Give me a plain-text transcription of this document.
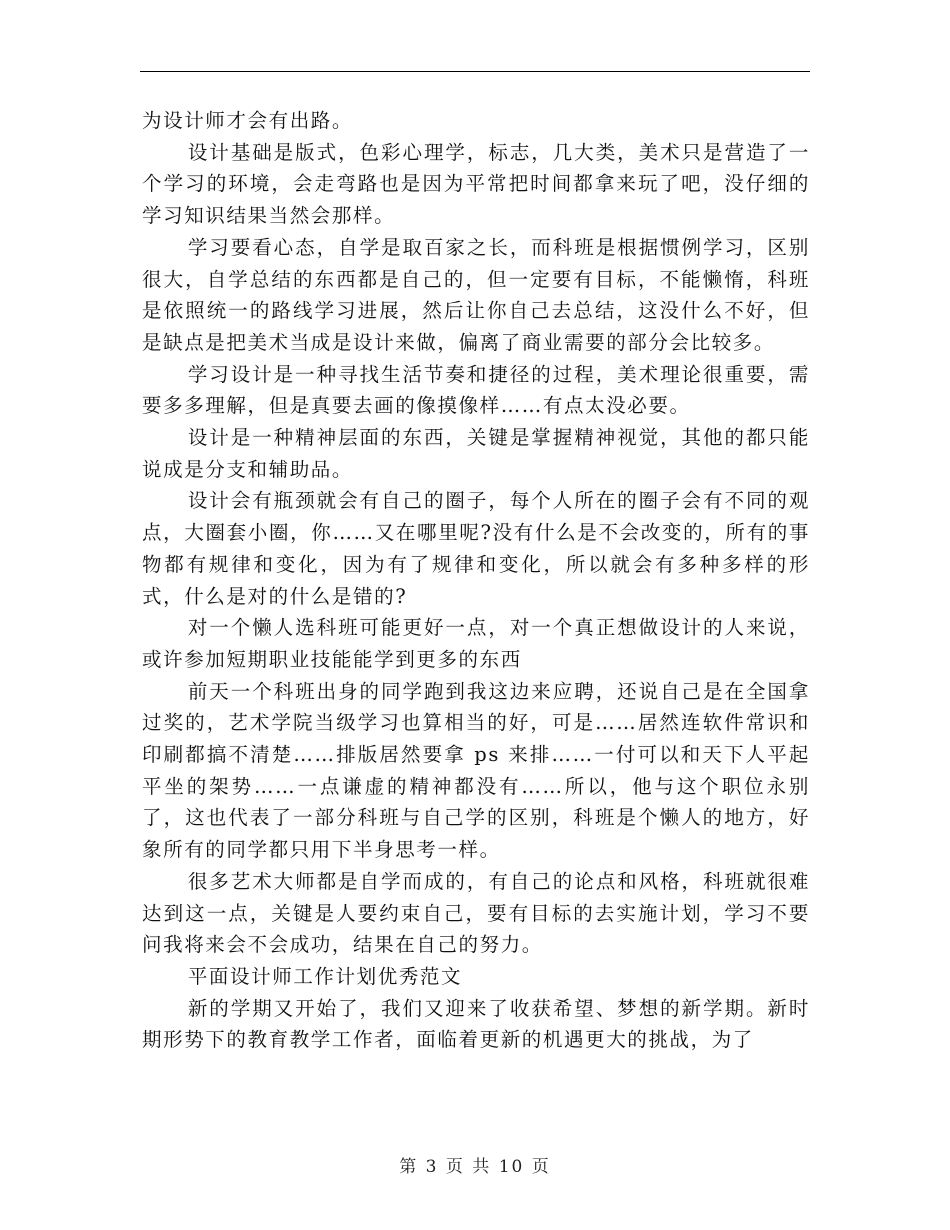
为设计师才会有出路。

设计基础是版式，色彩心理学，标志，几大类，美术只是营造了一个学习的环境，会走弯路也是因为平常把时间都拿来玩了吧，没仔细的学习知识结果当然会那样。

学习要看心态，自学是取百家之长，而科班是根据惯例学习，区别很大，自学总结的东西都是自己的，但一定要有目标，不能懒惰，科班是依照统一的路线学习进展，然后让你自己去总结，这没什么不好，但是缺点是把美术当成是设计来做，偏离了商业需要的部分会比较多。

学习设计是一种寻找生活节奏和捷径的过程，美术理论很重要，需要多多理解，但是真要去画的像摸像样……有点太没必要。

设计是一种精神层面的东西，关键是掌握精神视觉，其他的都只能说成是分支和辅助品。

设计会有瓶颈就会有自己的圈子，每个人所在的圈子会有不同的观点，大圈套小圈，你……又在哪里呢?没有什么是不会改变的，所有的事物都有规律和变化，因为有了规律和变化，所以就会有多种多样的形式，什么是对的什么是错的?

对一个懒人选科班可能更好一点，对一个真正想做设计的人来说，或许参加短期职业技能能学到更多的东西

前天一个科班出身的同学跑到我这边来应聘，还说自己是在全国拿过奖的，艺术学院当级学习也算相当的好，可是……居然连软件常识和印刷都搞不清楚……排版居然要拿 ps 来排……一付可以和天下人平起平坐的架势……一点谦虚的精神都没有……所以，他与这个职位永别了，这也代表了一部分科班与自己学的区别，科班是个懒人的地方，好象所有的同学都只用下半身思考一样。

很多艺术大师都是自学而成的，有自己的论点和风格，科班就很难达到这一点，关键是人要约束自己，要有目标的去实施计划，学习不要问我将来会不会成功，结果在自己的努力。

平面设计师工作计划优秀范文

新的学期又开始了，我们又迎来了收获希望、梦想的新学期。新时期形势下的教育教学工作者，面临着更新的机遇更大的挑战，为了

第 3 页 共 10 页
